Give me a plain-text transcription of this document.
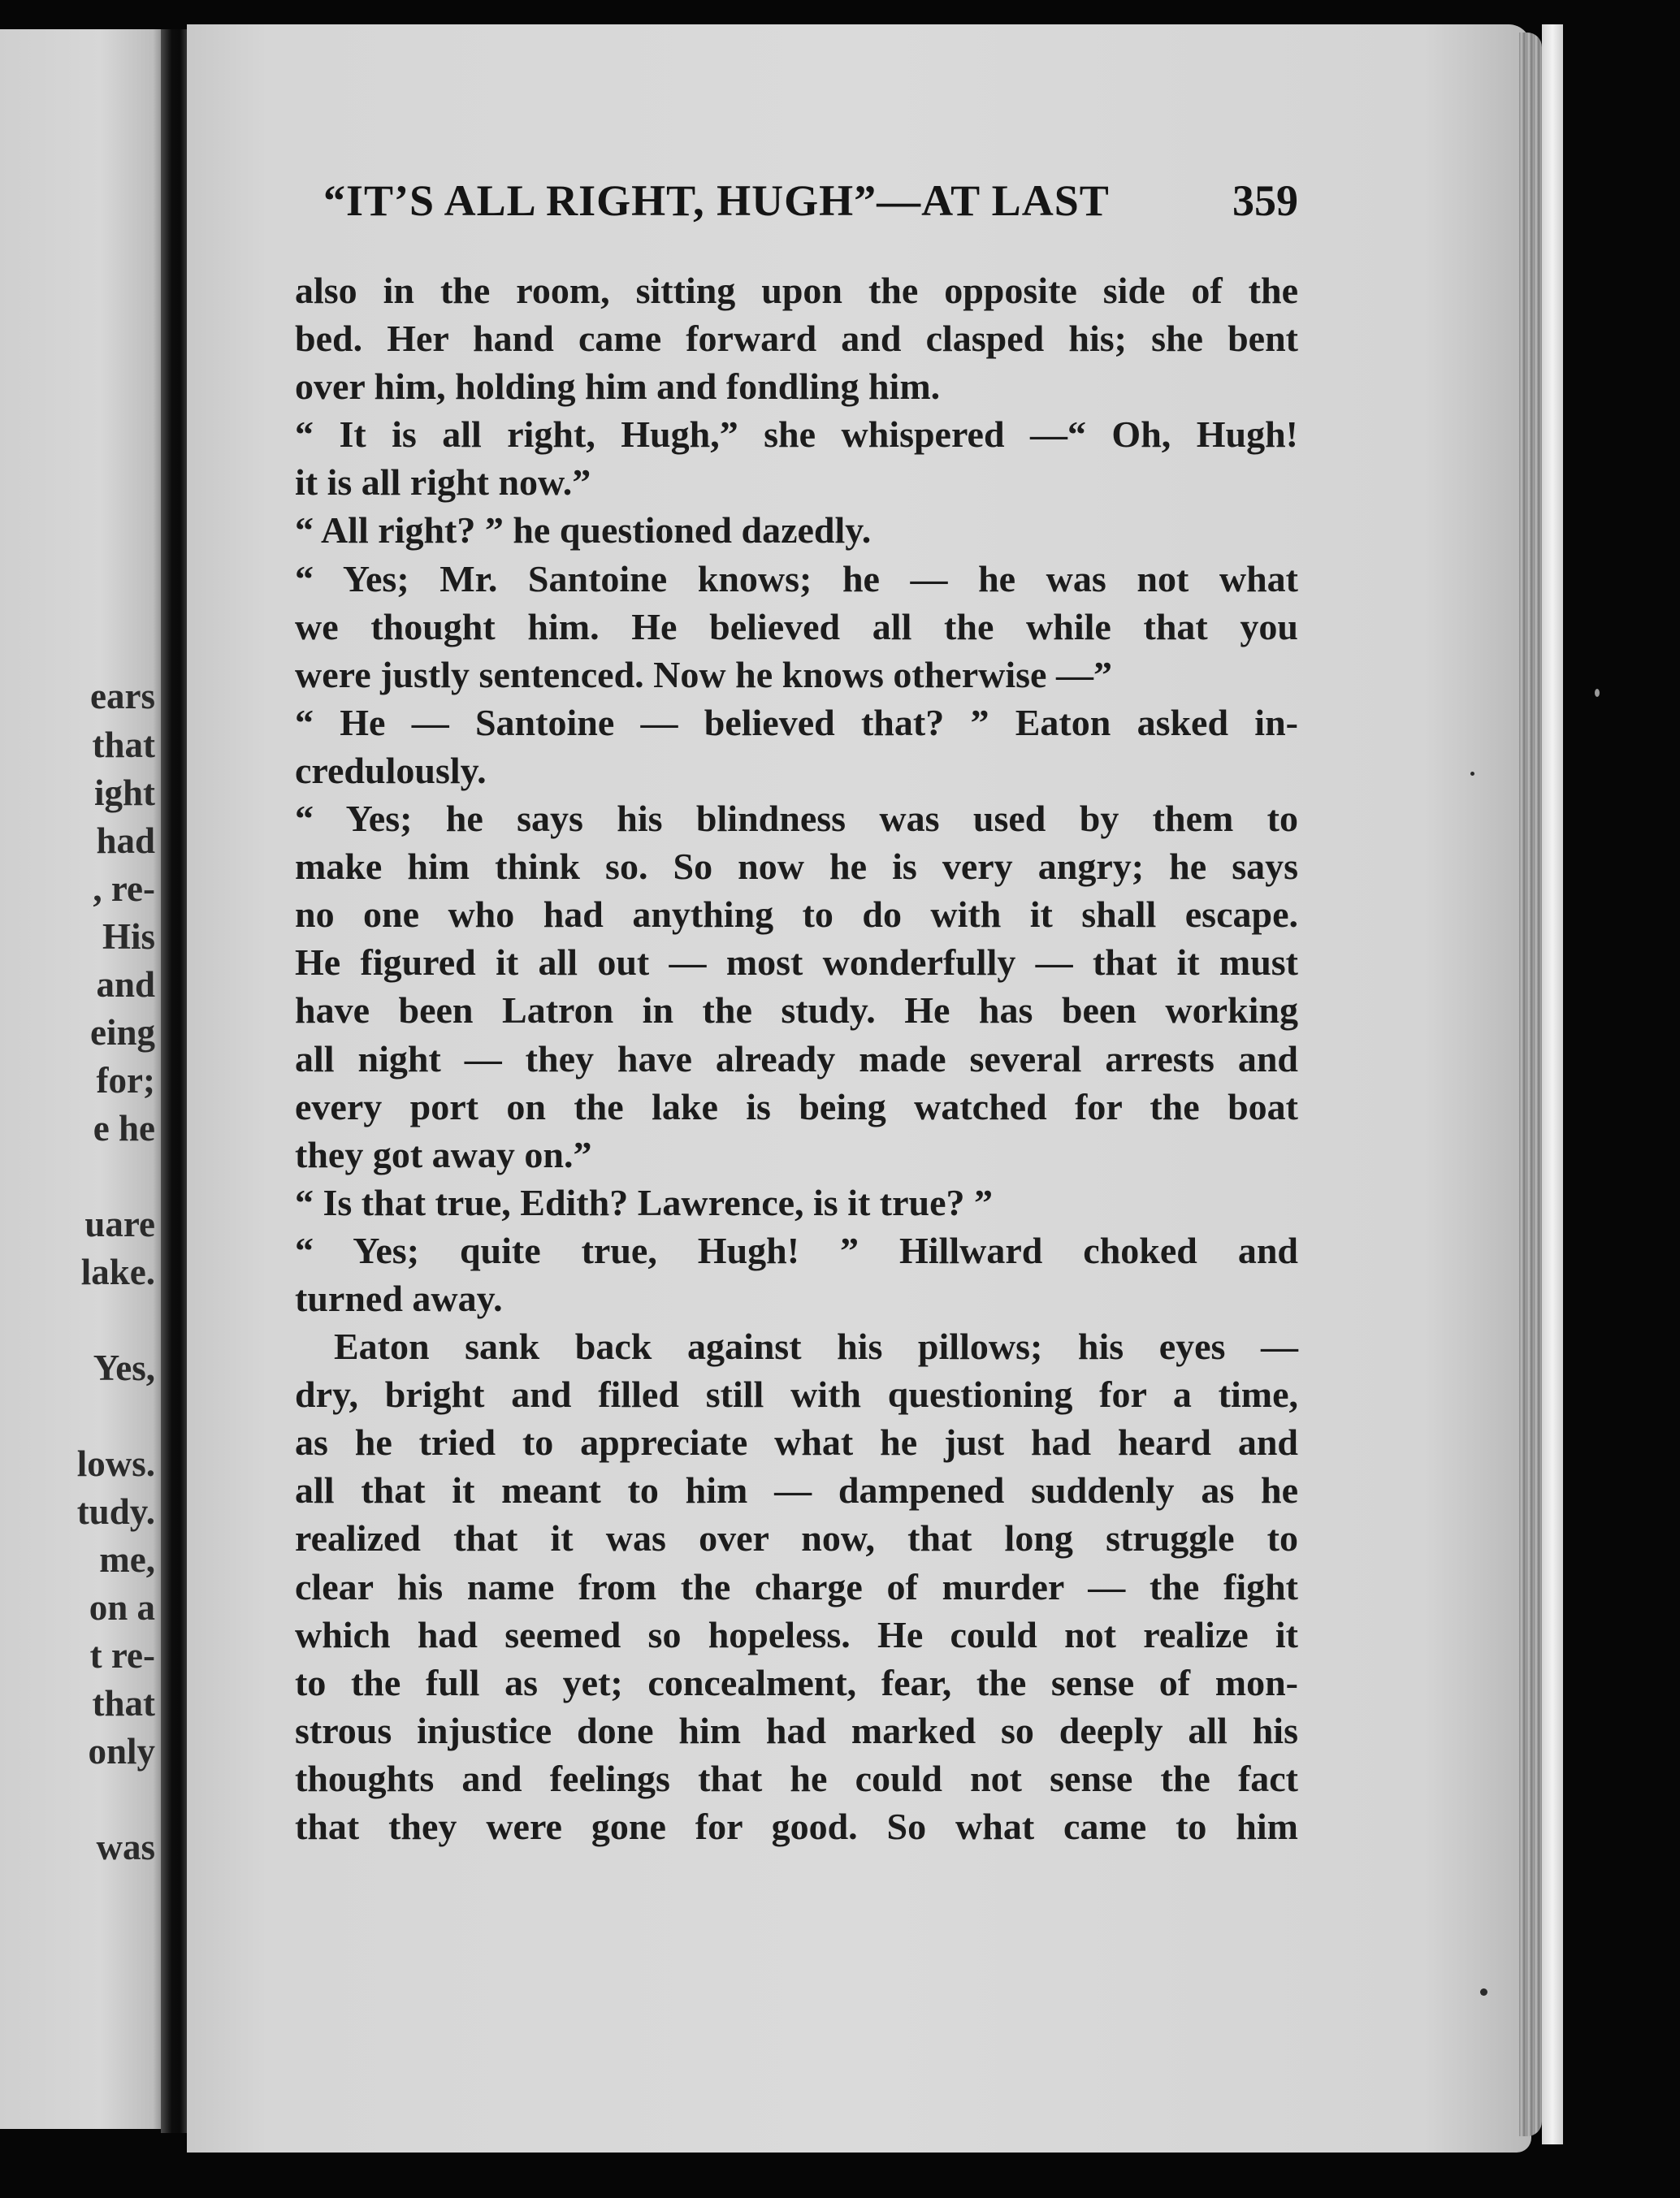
ears
that
ight
had
, re-
His
and
eing
for;
e he
uare
lake.
Yes,
lows.
tudy.
me,
on a
t re-
that
only
was
“IT’S ALL RIGHT, HUGH”—AT LAST	359
also in the room, sitting upon the opposite side of the
bed. Her hand came forward and clasped his; she bent
over him, holding him and fondling him.
“ It is all right, Hugh,” she whispered —“ Oh, Hugh!
it is all right now.”
“ All right? ” he questioned dazedly.
“ Yes; Mr. Santoine knows; he — he was not what
we thought him. He believed all the while that you
were justly sentenced. Now he knows otherwise —”
“ He — Santoine — believed that? ” Eaton asked in-
credulously.
“ Yes; he says his blindness was used by them to
make him think so. So now he is very angry; he says
no one who had anything to do with it shall escape.
He figured it all out — most wonderfully — that it must
have been Latron in the study. He has been working
all night — they have already made several arrests and
every port on the lake is being watched for the boat
they got away on.”
“ Is that true, Edith? Lawrence, is it true? ”
“ Yes; quite true, Hugh! ” Hillward choked and
turned away.
Eaton sank back against his pillows; his eyes —
dry, bright and filled still with questioning for a time,
as he tried to appreciate what he just had heard and
all that it meant to him — dampened suddenly as he
realized that it was over now, that long struggle to
clear his name from the charge of murder — the fight
which had seemed so hopeless. He could not realize it
to the full as yet; concealment, fear, the sense of mon-
strous injustice done him had marked so deeply all his
thoughts and feelings that he could not sense the fact
that they were gone for good. So what came to him
